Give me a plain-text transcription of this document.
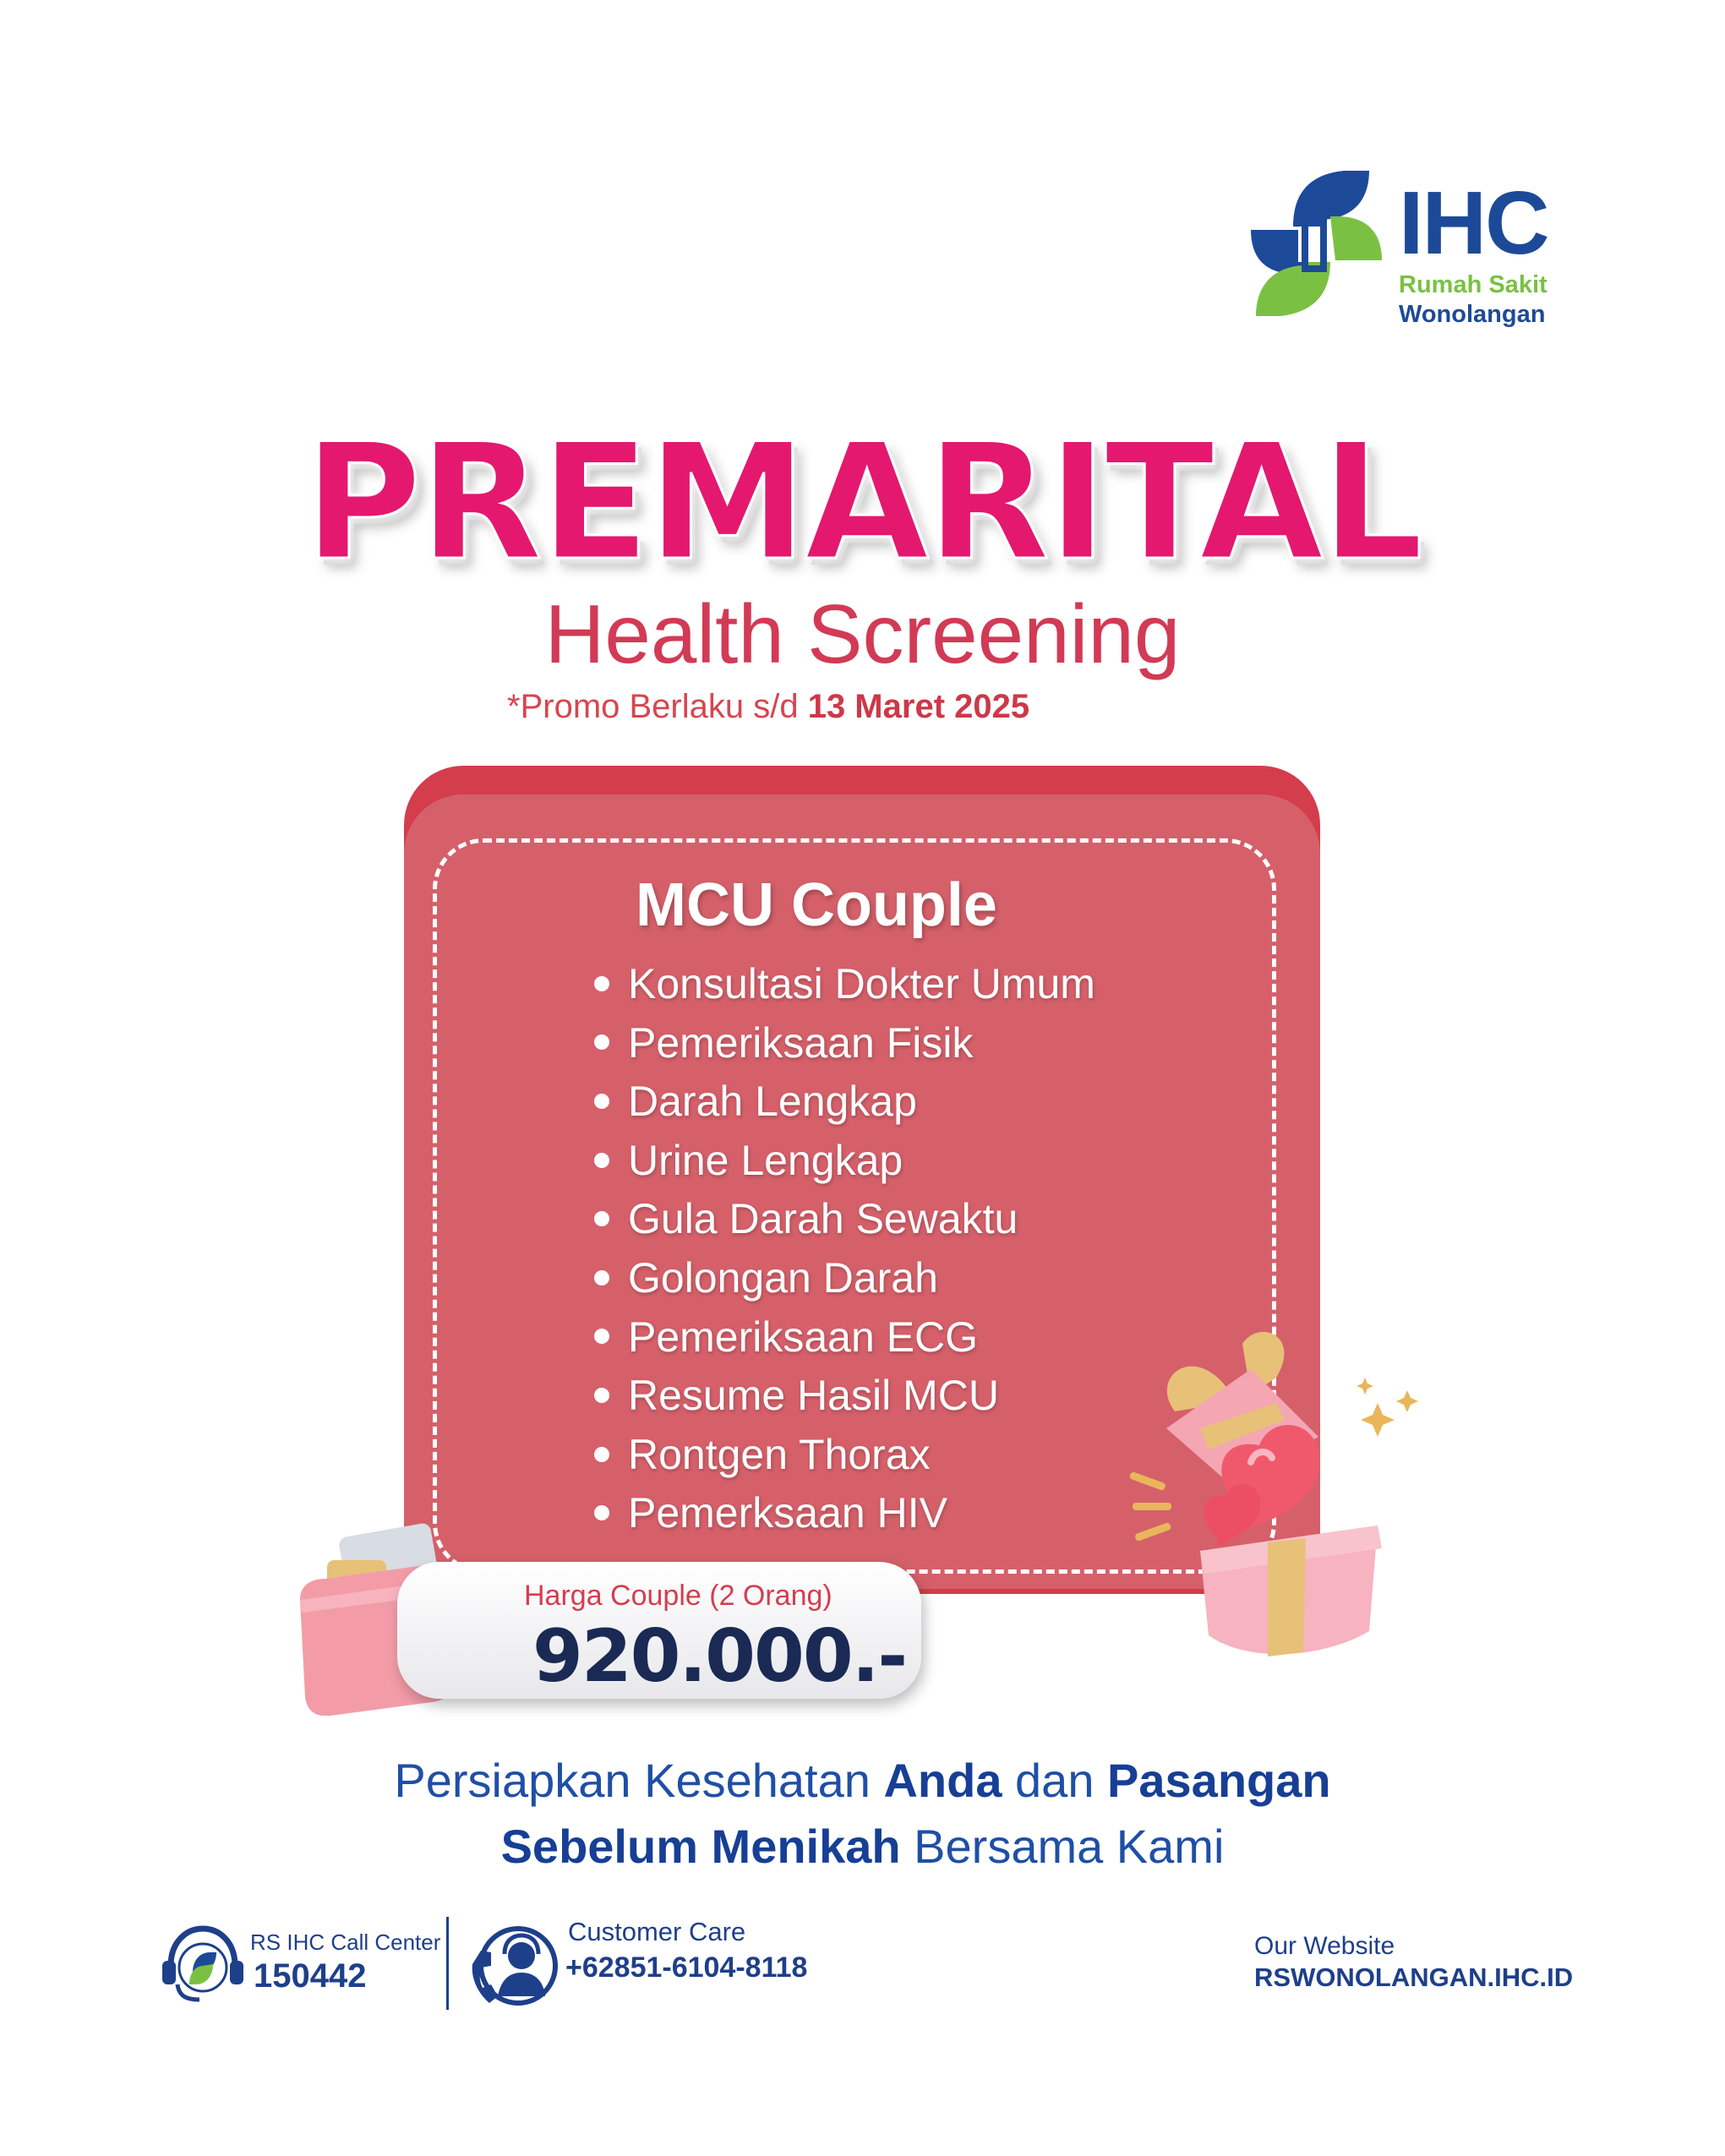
IHC
Rumah Sakit
Wonolangan
PREMARITAL
Health Screening
*Promo Berlaku s/d 13 Maret 2025
MCU Couple
Konsultasi Dokter Umum
Pemeriksaan Fisik
Darah Lengkap
Urine Lengkap
Gula Darah Sewaktu
Golongan Darah
Pemeriksaan ECG
Resume Hasil MCU
Rontgen Thorax
Pemerksaan HIV
Harga Couple (2 Orang)
920.000.-
Persiapkan Kesehatan Anda dan Pasangan
Sebelum Menikah Bersama Kami
RS IHC Call Center
150442
Customer Care
+62851-6104-8118
Our Website
RSWONOLANGAN.IHC.ID
